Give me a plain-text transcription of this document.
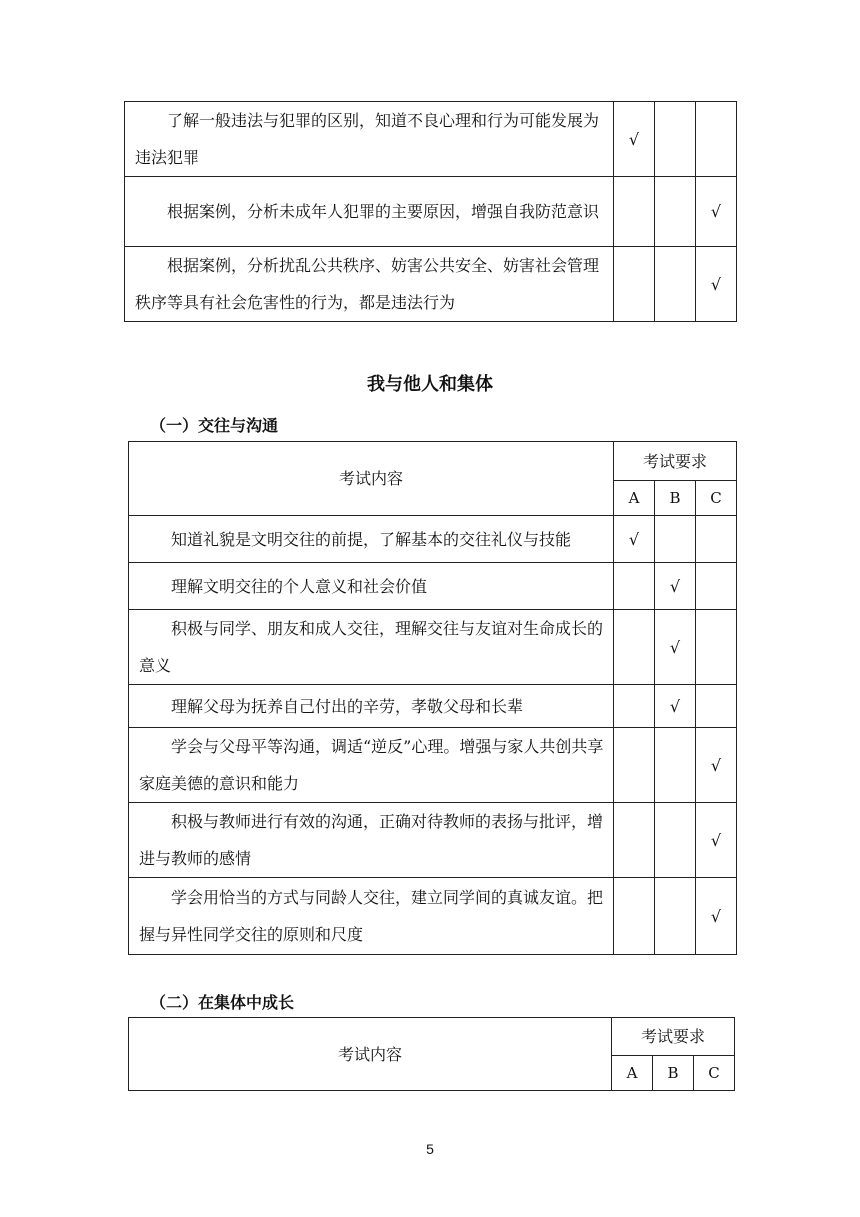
了解一般违法与犯罪的区别，知道不良心理和行为可能发展为违法犯罪	√		
根据案例，分析未成年人犯罪的主要原因，增强自我防范意识			√
根据案例，分析扰乱公共秩序、妨害公共安全、妨害社会管理秩序等具有社会危害性的行为，都是违法行为			√
我与他人和集体
（一）交往与沟通
考试内容	考试要求		
	A	B	C
知道礼貌是文明交往的前提，了解基本的交往礼仪与技能	√		
理解文明交往的个人意义和社会价值		√	
积极与同学、朋友和成人交往，理解交往与友谊对生命成长的意义		√	
理解父母为抚养自己付出的辛劳，孝敬父母和长辈		√	
学会与父母平等沟通，调适“逆反”心理。增强与家人共创共享家庭美德的意识和能力			√
积极与教师进行有效的沟通，正确对待教师的表扬与批评，增进与教师的感情			√
学会用恰当的方式与同龄人交往，建立同学间的真诚友谊。把握与异性同学交往的原则和尺度			√
（二）在集体中成长
考试内容	考试要求		
	A	B	C
5
